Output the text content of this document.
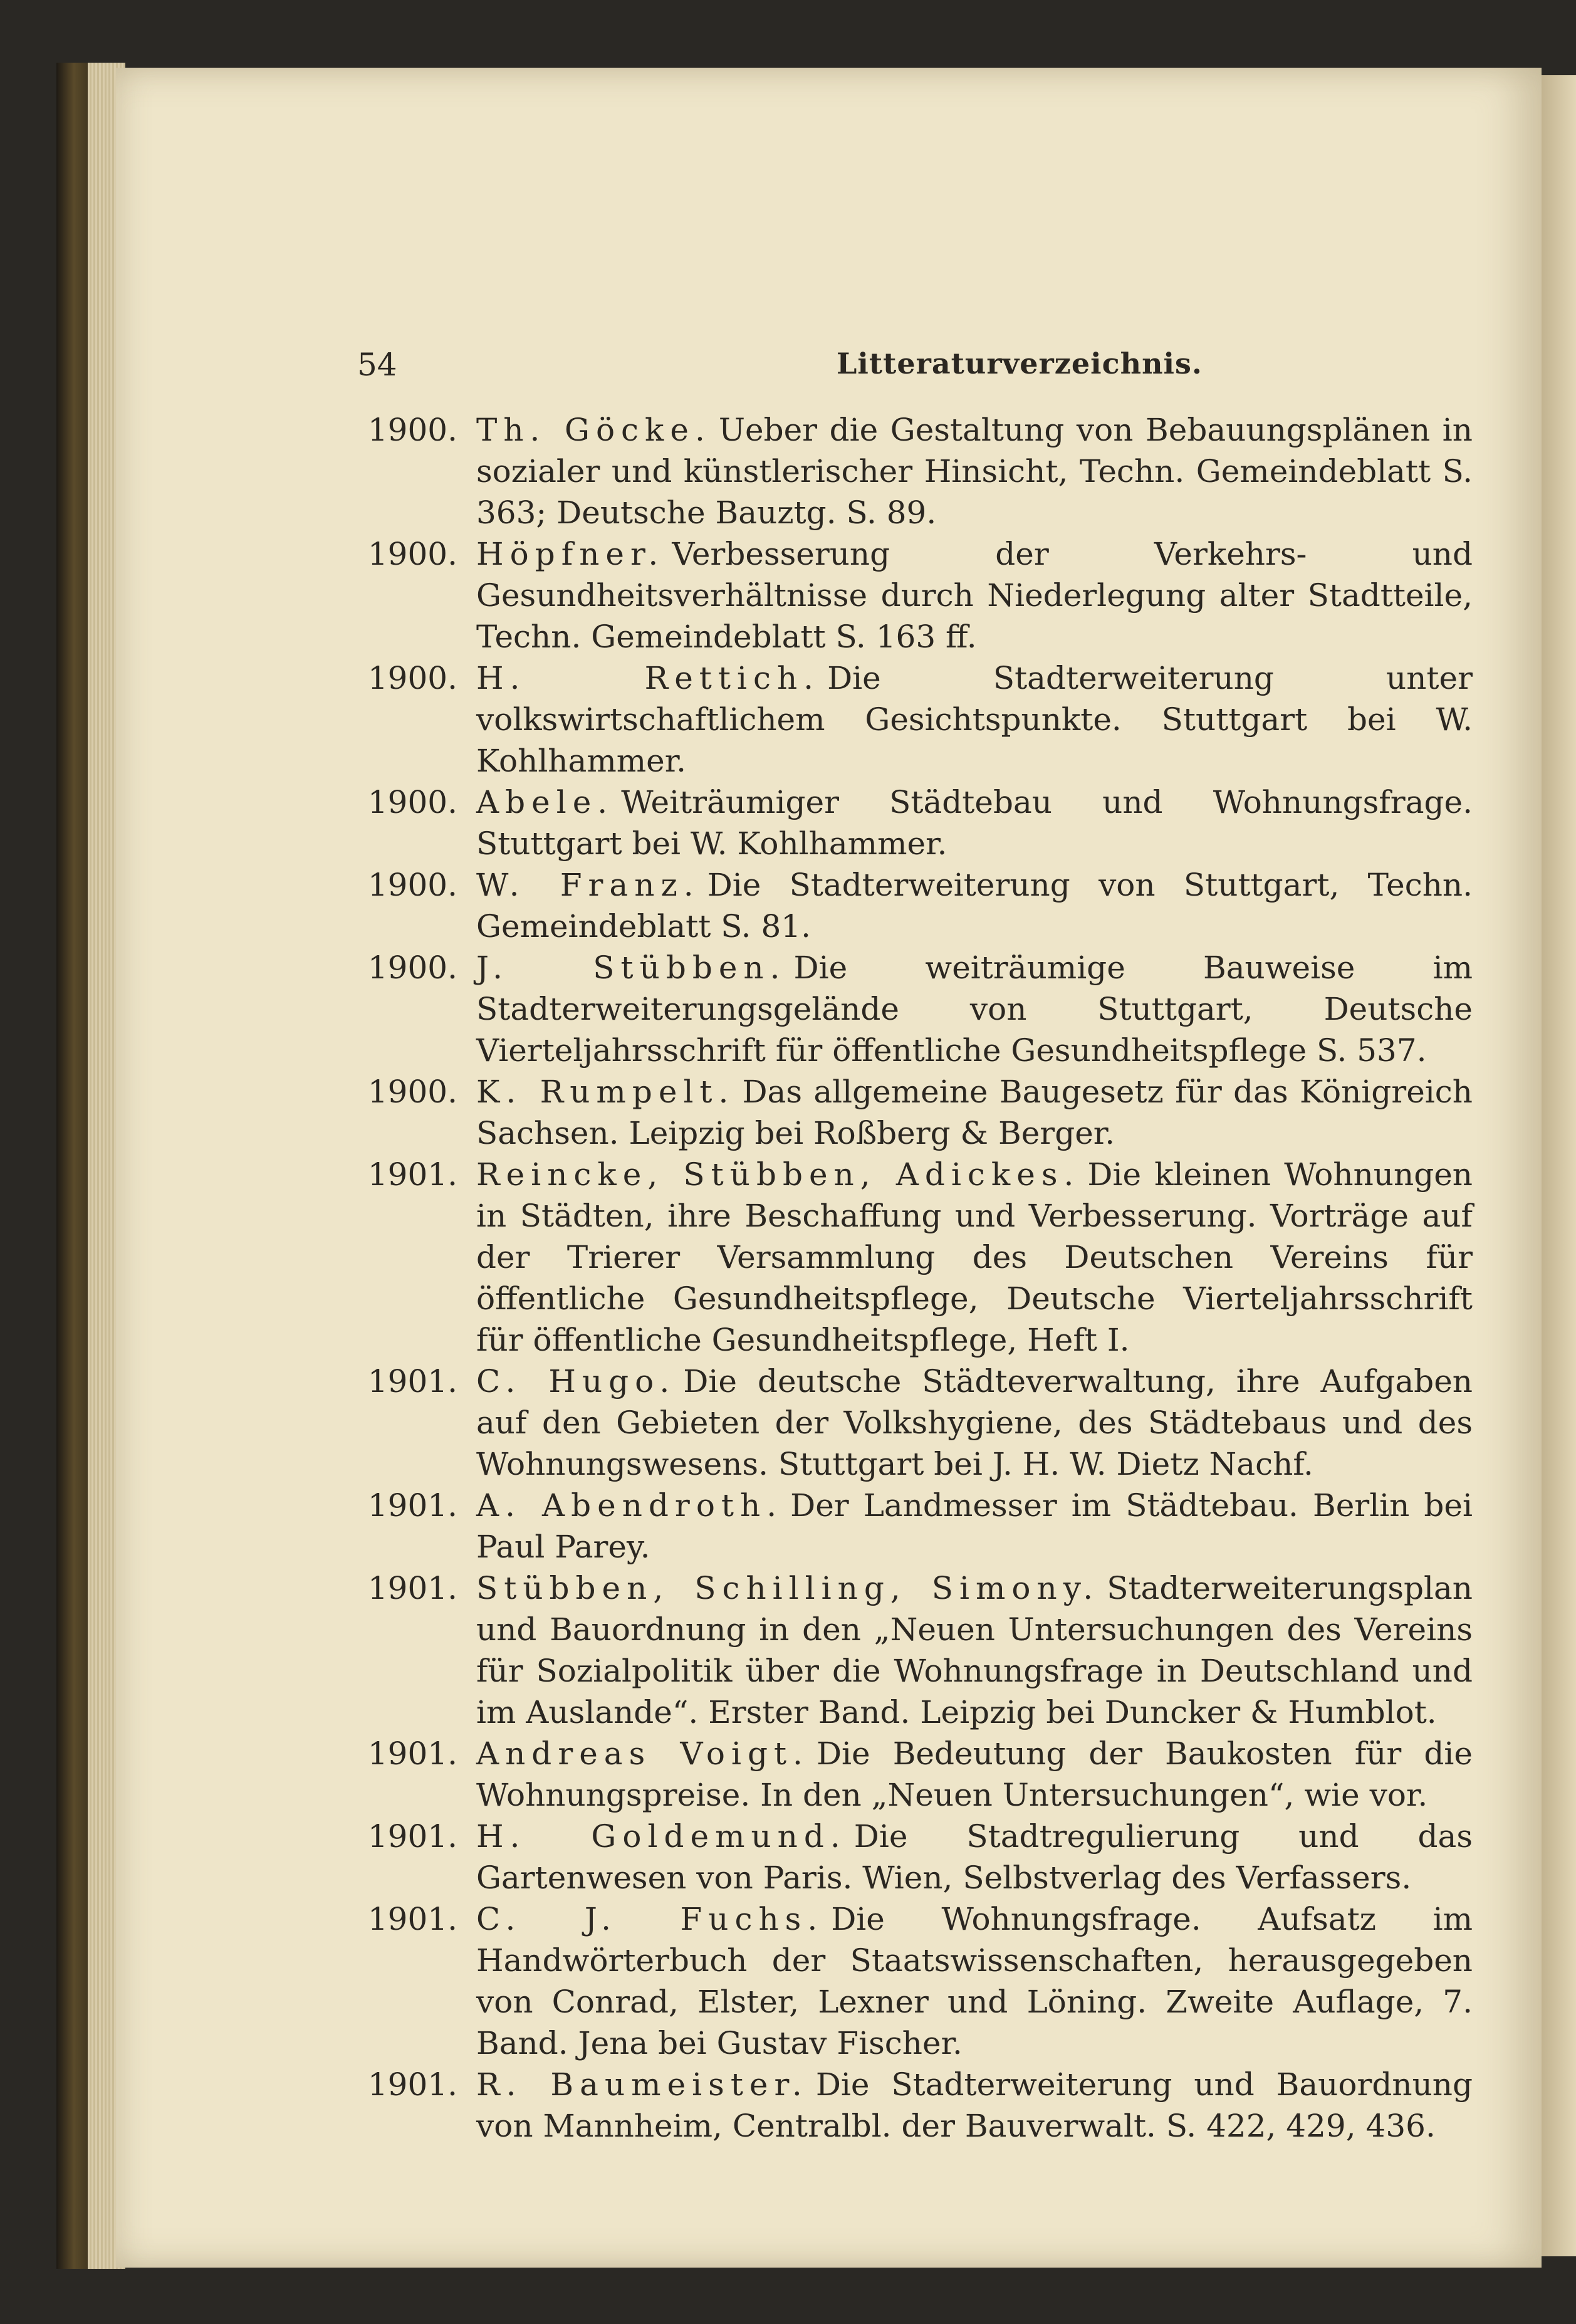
54	Litteraturverzeichnis.
1900. Th. Göcke. Ueber die Gestaltung von Bebauungsplänen in sozialer und künstlerischer Hinsicht, Techn. Gemeindeblatt S. 363; Deutsche Bauztg. S. 89.
1900. Höpfner. Verbesserung der Verkehrs- und Gesundheitsverhältnisse durch Niederlegung alter Stadtteile, Techn. Gemeindeblatt S. 163 ff.
1900. H. Rettich. Die Stadterweiterung unter volkswirtschaftlichem Gesichtspunkte. Stuttgart bei W. Kohlhammer.
1900. Abele. Weiträumiger Städtebau und Wohnungsfrage. Stuttgart bei W. Kohlhammer.
1900. W. Franz. Die Stadterweiterung von Stuttgart, Techn. Gemeindeblatt S. 81.
1900. J. Stübben. Die weiträumige Bauweise im Stadterweiterungsgelände von Stuttgart, Deutsche Vierteljahrsschrift für öffentliche Gesundheitspflege S. 537.
1900. K. Rumpelt. Das allgemeine Baugesetz für das Königreich Sachsen. Leipzig bei Roßberg & Berger.
1901. Reincke, Stübben, Adickes. Die kleinen Wohnungen in Städten, ihre Beschaffung und Verbesserung. Vorträge auf der Trierer Versammlung des Deutschen Vereins für öffentliche Gesundheitspflege, Deutsche Vierteljahrsschrift für öffentliche Gesundheitspflege, Heft I.
1901. C. Hugo. Die deutsche Städteverwaltung, ihre Aufgaben auf den Gebieten der Volkshygiene, des Städtebaus und des Wohnungswesens. Stuttgart bei J. H. W. Dietz Nachf.
1901. A. Abendroth. Der Landmesser im Städtebau. Berlin bei Paul Parey.
1901. Stübben, Schilling, Simony. Stadterweiterungsplan und Bauordnung in den „Neuen Untersuchungen des Vereins für Sozialpolitik über die Wohnungsfrage in Deutschland und im Auslande“. Erster Band. Leipzig bei Duncker & Humblot.
1901. Andreas Voigt. Die Bedeutung der Baukosten für die Wohnungspreise. In den „Neuen Untersuchungen“, wie vor.
1901. H. Goldemund. Die Stadtregulierung und das Gartenwesen von Paris. Wien, Selbstverlag des Verfassers.
1901. C. J. Fuchs. Die Wohnungsfrage. Aufsatz im Handwörterbuch der Staatswissenschaften, herausgegeben von Conrad, Elster, Lexner und Löning. Zweite Auflage, 7. Band. Jena bei Gustav Fischer.
1901. R. Baumeister. Die Stadterweiterung und Bauordnung von Mannheim, Centralbl. der Bauverwalt. S. 422, 429, 436.
